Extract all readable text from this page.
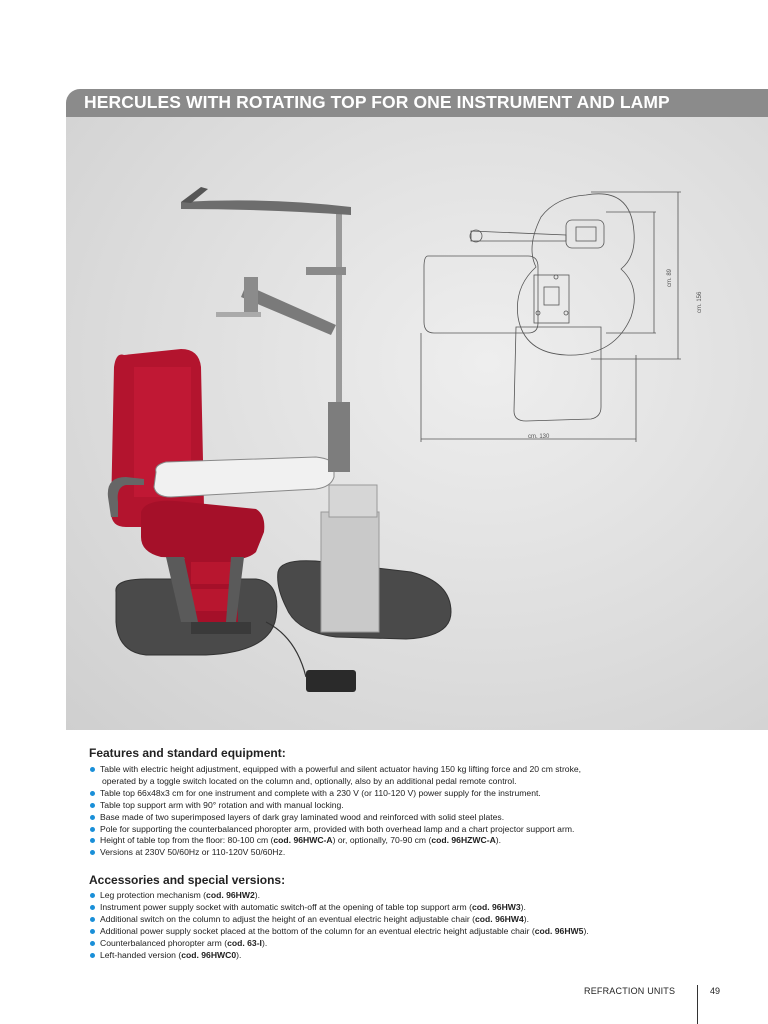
HERCULES WITH ROTATING TOP FOR ONE INSTRUMENT AND LAMP
cm. 89
cm. 156
cm. 130
Features and standard equipment:
Table with electric height adjustment, equipped with a powerful and silent actuator having 150 kg lifting force and 20 cm stroke,
operated by a toggle switch located on the column and, optionally, also by an additional pedal remote control.
Table top 66x48x3 cm for one instrument and complete with a 230 V (or 110-120 V) power supply for the instrument.
Table top support arm with 90° rotation and with manual locking.
Base made of two superimposed layers of dark gray laminated wood and reinforced with solid steel plates.
Pole for supporting the counterbalanced phoropter arm, provided with both overhead lamp and a chart projector support arm.
Height of table top from the floor: 80-100 cm (cod. 96HWC-A) or, optionally, 70-90 cm (cod. 96HZWC-A).
Versions at 230V 50/60Hz or 110-120V 50/60Hz.
Accessories and special versions:
Leg protection mechanism (cod. 96HW2).
Instrument power supply socket with automatic switch-off at the opening of table top support arm (cod. 96HW3).
Additional switch on the column to adjust the height of an eventual electric height adjustable chair (cod. 96HW4).
Additional power supply socket placed at the bottom of the column for an eventual electric height adjustable chair (cod. 96HW5).
Counterbalanced phoropter arm (cod. 63-I).
Left-handed version (cod. 96HWC0).
REFRACTION UNITS	49
